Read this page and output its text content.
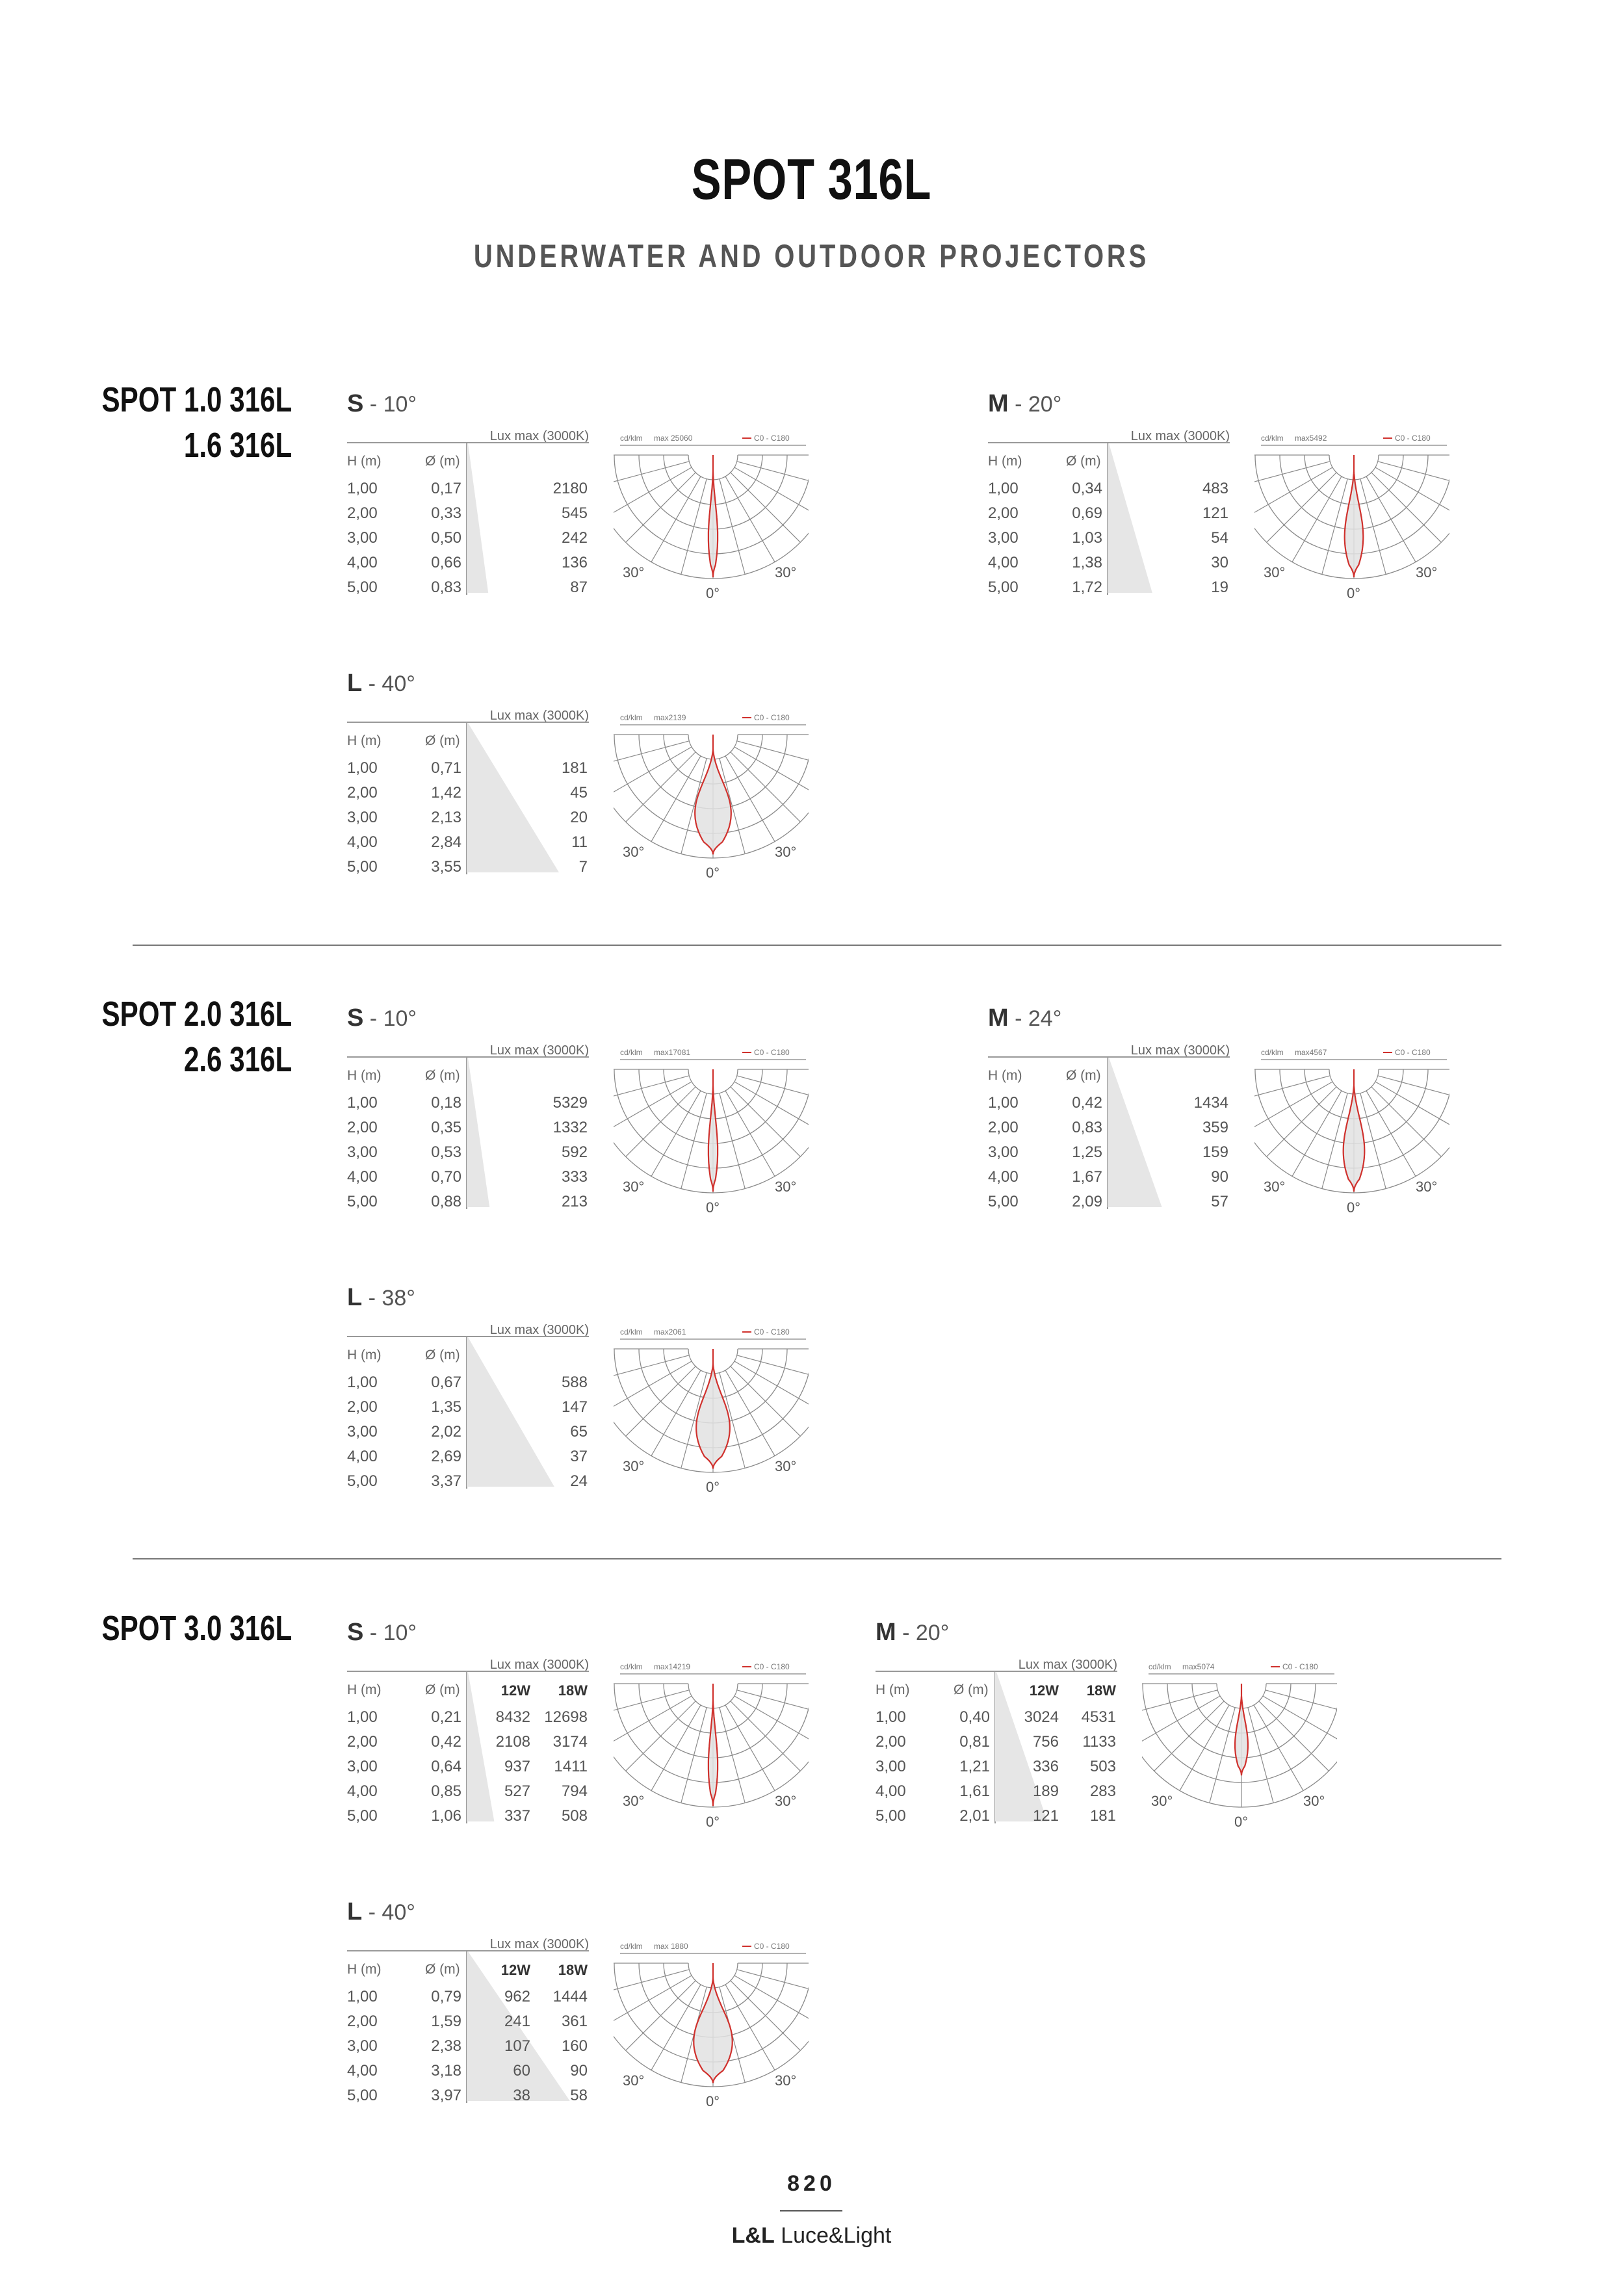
SPOT 316L
UNDERWATER AND OUTDOOR PROJECTORS
SPOT 1.0 316L
1.6 316L
S - 10°
Lux max (3000K)
H (m)	Ø (m)
1,00	0,17	2180
2,00	0,33	545
3,00	0,50	242
4,00	0,66	136
5,00	0,83	87
cd/klm max 25060	C0 - C180
30°	30°
0°
M - 20°
Lux max (3000K)
H (m)	Ø (m)
1,00	0,34	483
2,00	0,69	121
3,00	1,03	54
4,00	1,38	30
5,00	1,72	19
cd/klm max5492	C0 - C180
30°	30°
0°
L - 40°
Lux max (3000K)
H (m)	Ø (m)
1,00	0,71	181
2,00	1,42	45
3,00	2,13	20
4,00	2,84	11
5,00	3,55	7
cd/klm max2139	C0 - C180
30°	30°
0°
SPOT 2.0 316L
2.6 316L
S - 10°
Lux max (3000K)
H (m)	Ø (m)
1,00	0,18	5329
2,00	0,35	1332
3,00	0,53	592
4,00	0,70	333
5,00	0,88	213
cd/klm max17081	C0 - C180
30°	30°
0°
M - 24°
Lux max (3000K)
H (m)	Ø (m)
1,00	0,42	1434
2,00	0,83	359
3,00	1,25	159
4,00	1,67	90
5,00	2,09	57
cd/klm max4567	C0 - C180
30°	30°
0°
L - 38°
Lux max (3000K)
H (m)	Ø (m)
1,00	0,67	588
2,00	1,35	147
3,00	2,02	65
4,00	2,69	37
5,00	3,37	24
cd/klm max2061	C0 - C180
30°	30°
0°
SPOT 3.0 316L S - 10°
Lux max (3000K)
H (m)	Ø (m)	12W 18W
1,00	0,21	8432 12698
2,00	0,42	2108	3174
3,00	0,64	937	1411
4,00	0,85	527	794
5,00	1,06	337	508
cd/klm max14219	C0 - C180
30°	30°
0°
M - 20°
Lux max (3000K)
H (m)	Ø (m)	12W 18W
1,00	0,40	3024	4531
2,00	0,81	756	1133
3,00	1,21	336	503
4,00	1,61	189	283
5,00	2,01	121	181
cd/klm max5074	C0 - C180
30°	30°
0°
L - 40°
Lux max (3000K)
H (m)	Ø (m)	12W 18W
1,00	0,79	962	1444
2,00	1,59	241	361
3,00	2,38	107	160
4,00	3,18	60	90
5,00	3,97	38	58
cd/klm max 1880	C0 - C180
30°	30°
0°
820
L&L Luce&Light
